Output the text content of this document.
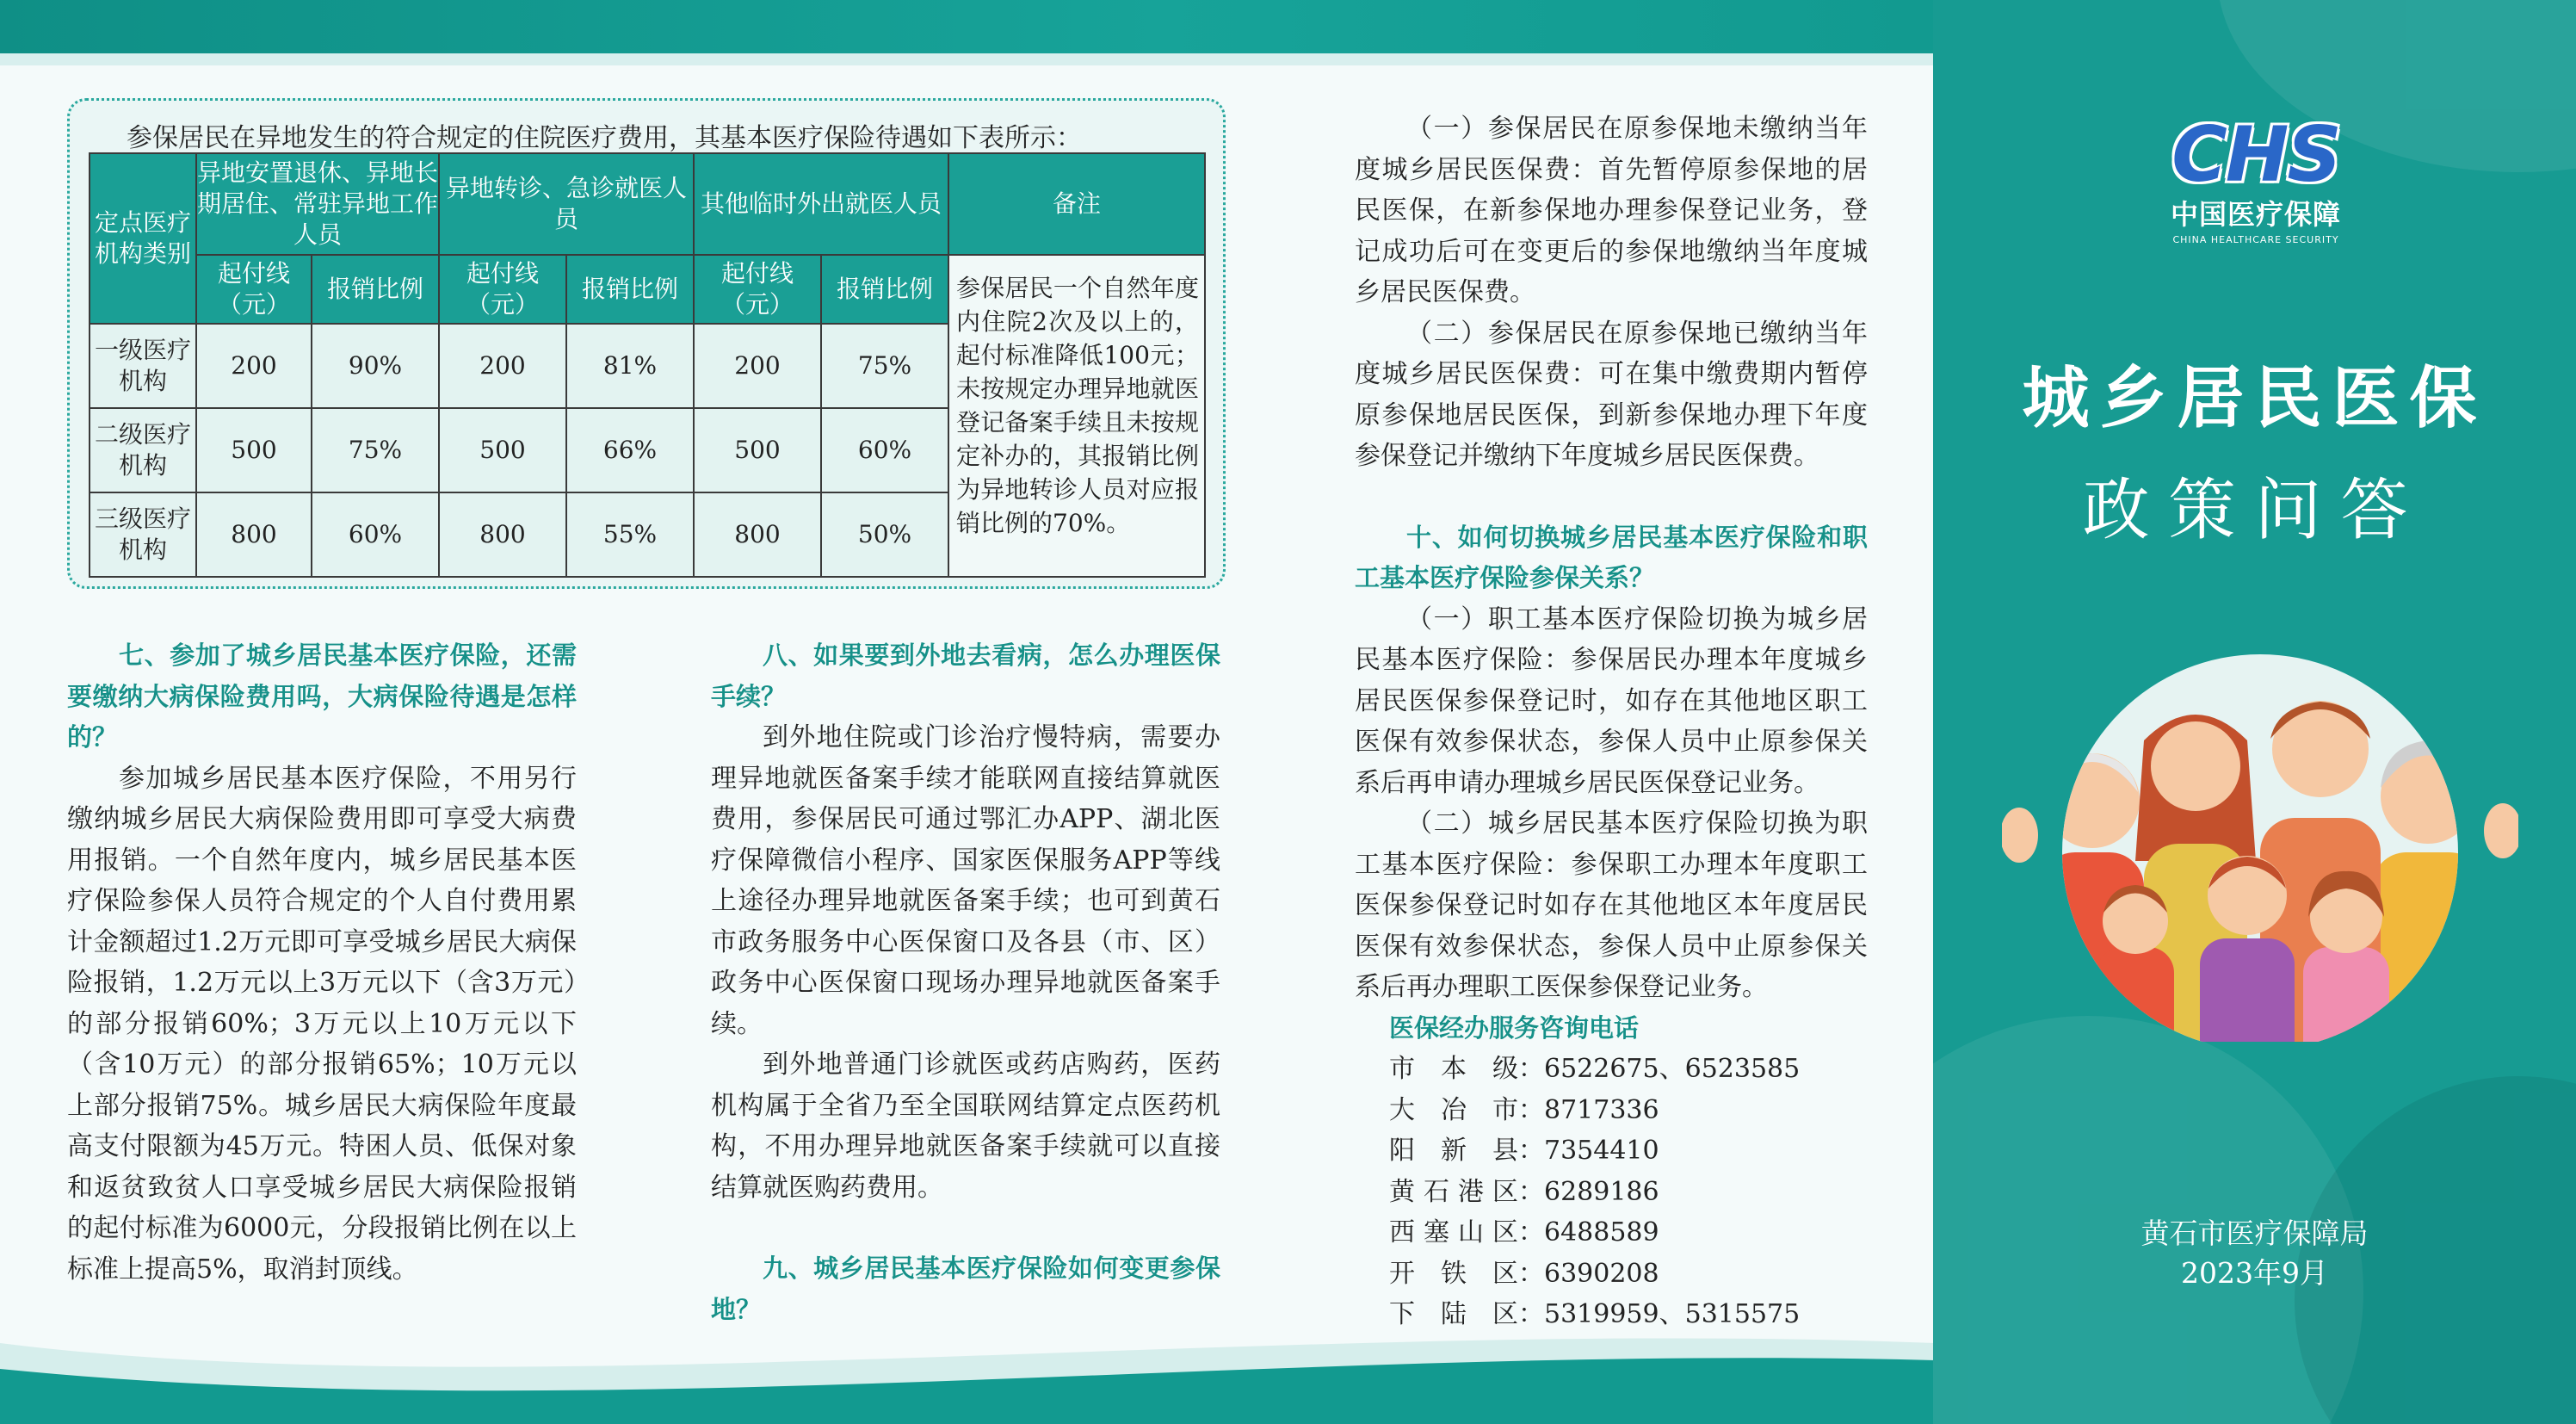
参保居民在异地发生的符合规定的住院医疗费用，其基本医疗保险待遇如下表所示：
定点医疗机构类别	异地安置退休、异地长期居住、常驻异地工作人员		异地转诊、急诊就医人员		其他临时外出就医人员		备注
	起付线（元）	报销比例	起付线（元）	报销比例	起付线（元）	报销比例	参保居民一个自然年度内住院2次及以上的，起付标准降低100元；未按规定办理异地就医登记备案手续且未按规定补办的，其报销比例为异地转诊人员对应报销比例的70%。
一级医疗机构	200	90%	200	81%	200	75%	
二级医疗机构	500	75%	500	66%	500	60%	
三级医疗机构	800	60%	800	55%	800	50%	

七、参加了城乡居民基本医疗保险，还需要缴纳大病保险费用吗，大病保险待遇是怎样的？

参加城乡居民基本医疗保险，不用另行缴纳城乡居民大病保险费用即可享受大病费用报销。一个自然年度内，城乡居民基本医疗保险参保人员符合规定的个人自付费用累计金额超过1.2万元即可享受城乡居民大病保险报销，1.2万元以上3万元以下（含3万元）的部分报销60%；3万元以上10万元以下（含10万元）的部分报销65%；10万元以上部分报销75%。城乡居民大病保险年度最高支付限额为45万元。特困人员、低保对象和返贫致贫人口享受城乡居民大病保险报销的起付标准为6000元，分段报销比例在以上标准上提高5%，取消封顶线。

八、如果要到外地去看病，怎么办理医保手续？

到外地住院或门诊治疗慢特病，需要办理异地就医备案手续才能联网直接结算就医费用，参保居民可通过鄂汇办APP、湖北医疗保障微信小程序、国家医保服务APP等线上途径办理异地就医备案手续；也可到黄石市政务服务中心医保窗口及各县（市、区）政务中心医保窗口现场办理异地就医备案手续。

到外地普通门诊就医或药店购药，医药机构属于全省乃至全国联网结算定点医药机构，不用办理异地就医备案手续就可以直接结算就医购药费用。

九、城乡居民基本医疗保险如何变更参保地？

（一）参保居民在原参保地未缴纳当年度城乡居民医保费：首先暂停原参保地的居民医保，在新参保地办理参保登记业务，登记成功后可在变更后的参保地缴纳当年度城乡居民医保费。

（二）参保居民在原参保地已缴纳当年度城乡居民医保费：可在集中缴费期内暂停原参保地居民医保，到新参保地办理下年度参保登记并缴纳下年度城乡居民医保费。

十、如何切换城乡居民基本医疗保险和职工基本医疗保险参保关系？

（一）职工基本医疗保险切换为城乡居民基本医疗保险：参保居民办理本年度城乡居民医保参保登记时，如存在其他地区职工医保有效参保状态，参保人员中止原参保关系后再申请办理城乡居民医保登记业务。

（二）城乡居民基本医疗保险切换为职工基本医疗保险：参保职工办理本年度职工医保参保登记时如存在其他地区本年度居民医保有效参保状态，参保人员中止原参保关系后再办理职工医保参保登记业务。

医保经办服务咨询电话

市本级：6522675、6523585
大冶市：8717336
阳新县：7354410
黄石港区：6289186
西塞山区：6488589
开铁区：6390208
下陆区：5319959、5315575
CHS
中国医疗保障
CHINA HEALTHCARE SECURITY
城乡居民医保
政策问答
黄石市医疗保障局
2023年9月
